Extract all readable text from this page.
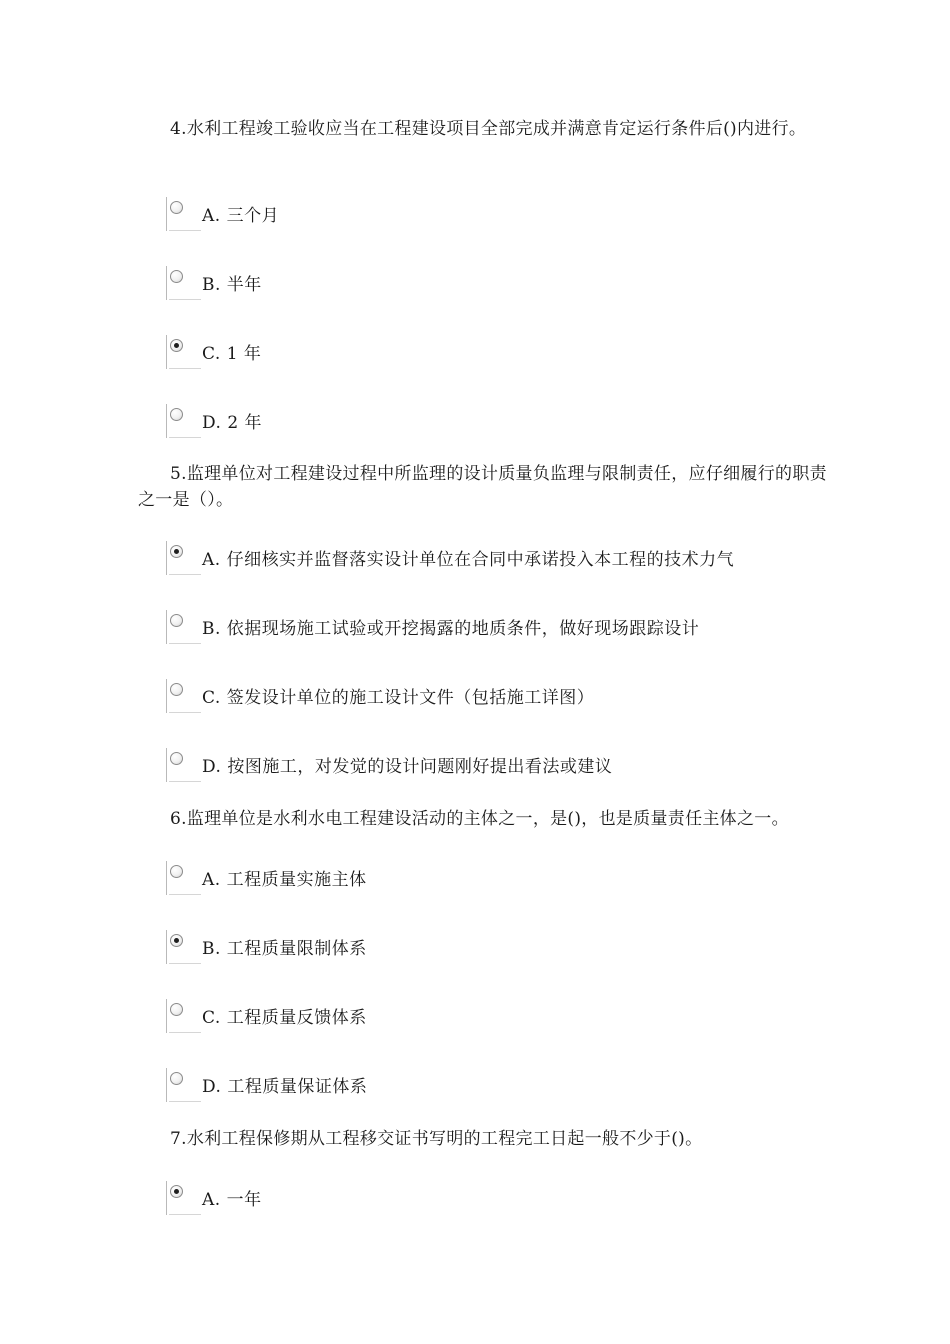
4.水利工程竣工验收应当在工程建设项目全部完成并满意肯定运行条件后()内进行。

A. 三个月
B. 半年
C. 1 年
D. 2 年

5.监理单位对工程建设过程中所监理的设计质量负监理与限制责任，应仔细履行的职责之一是（）。

A. 仔细核实并监督落实设计单位在合同中承诺投入本工程的技术力气
B. 依据现场施工试验或开挖揭露的地质条件，做好现场跟踪设计
C. 签发设计单位的施工设计文件（包括施工详图）
D. 按图施工，对发觉的设计问题刚好提出看法或建议

6.监理单位是水利水电工程建设活动的主体之一，是()，也是质量责任主体之一。

A. 工程质量实施主体
B. 工程质量限制体系
C. 工程质量反馈体系
D. 工程质量保证体系

7.水利工程保修期从工程移交证书写明的工程完工日起一般不少于()。

A. 一年
